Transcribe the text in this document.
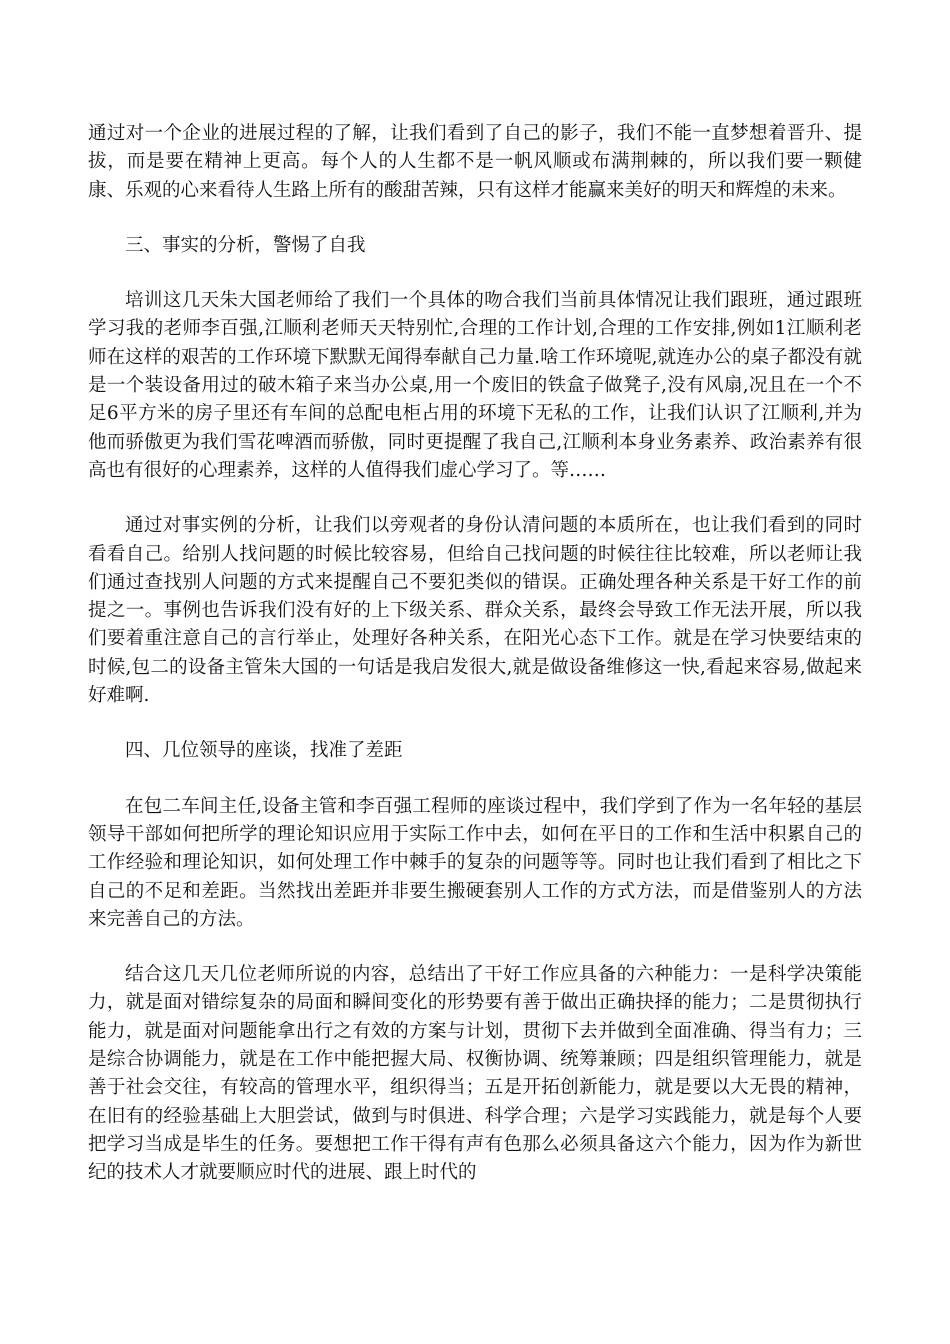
通过对一个企业的进展过程的了解，让我们看到了自己的影子，我们不能一直梦想着晋升、提拔，而是要在精神上更高。每个人的人生都不是一帆风顺或布满荆棘的，所以我们要一颗健康、乐观的心来看待人生路上所有的酸甜苦辣，只有这样才能赢来美好的明天和辉煌的未来。

三、事实的分析，警惕了自我

培训这几天朱大国老师给了我们一个具体的吻合我们当前具体情况让我们跟班，通过跟班学习我的老师李百强,江顺利老师天天特别忙,合理的工作计划,合理的工作安排,例如1江顺利老师在这样的艰苦的工作环境下默默无闻得奉献自己力量.啥工作环境呢,就连办公的桌子都没有就是一个装设备用过的破木箱子来当办公桌,用一个废旧的铁盒子做凳子,没有风扇,况且在一个不足6平方米的房子里还有车间的总配电柜占用的环境下无私的工作，让我们认识了江顺利,并为他而骄傲更为我们雪花啤酒而骄傲，同时更提醒了我自己,江顺利本身业务素养、政治素养有很高也有很好的心理素养，这样的人值得我们虚心学习了。等……

通过对事实例的分析，让我们以旁观者的身份认清问题的本质所在，也让我们看到的同时看看自己。给别人找问题的时候比较容易，但给自己找问题的时候往往比较难，所以老师让我们通过查找别人问题的方式来提醒自己不要犯类似的错误。正确处理各种关系是干好工作的前提之一。事例也告诉我们没有好的上下级关系、群众关系，最终会导致工作无法开展，所以我们要着重注意自己的言行举止，处理好各种关系，在阳光心态下工作。就是在学习快要结束的时候,包二的设备主管朱大国的一句话是我启发很大,就是做设备维修这一快,看起来容易,做起来好难啊.

四、几位领导的座谈，找准了差距

在包二车间主任,设备主管和李百强工程师的座谈过程中，我们学到了作为一名年轻的基层领导干部如何把所学的理论知识应用于实际工作中去，如何在平日的工作和生活中积累自己的工作经验和理论知识，如何处理工作中棘手的复杂的问题等等。同时也让我们看到了相比之下自己的不足和差距。当然找出差距并非要生搬硬套别人工作的方式方法，而是借鉴别人的方法来完善自己的方法。

结合这几天几位老师所说的内容，总结出了干好工作应具备的六种能力：一是科学决策能力，就是面对错综复杂的局面和瞬间变化的形势要有善于做出正确抉择的能力；二是贯彻执行能力，就是面对问题能拿出行之有效的方案与计划，贯彻下去并做到全面准确、得当有力；三是综合协调能力，就是在工作中能把握大局、权衡协调、统筹兼顾；四是组织管理能力，就是善于社会交往，有较高的管理水平，组织得当；五是开拓创新能力，就是要以大无畏的精神，在旧有的经验基础上大胆尝试，做到与时俱进、科学合理；六是学习实践能力，就是每个人要把学习当成是毕生的任务。要想把工作干得有声有色那么必须具备这六个能力，因为作为新世纪的技术人才就要顺应时代的进展、跟上时代的
